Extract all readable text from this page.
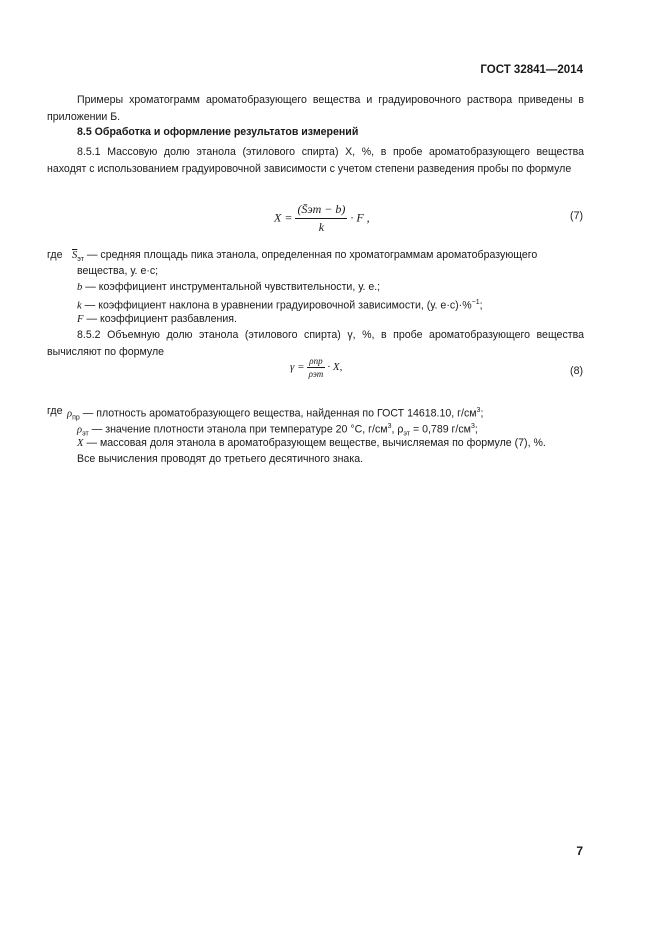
ГОСТ 32841—2014
Примеры хроматограмм ароматобразующего вещества и градуировочного раствора приведены в приложении Б.
8.5 Обработка и оформление результатов измерений
8.5.1 Массовую долю этанола (этилового спирта) X, %, в пробе ароматобразующего вещества находят с использованием градуировочной зависимости с учетом степени разведения пробы по формуле
$X = \frac{(S̄эт - b)}{k} \cdot F$ ,	(7)
где $\overline{S}_{эт}$ — средняя площадь пика этанола, определенная по хроматограммам ароматобразующего
вещества, у. е·с;
b — коэффициент инструментальной чувствительности, у. е.;
k — коэффициент наклона в уравнении градуировочной зависимости, (у. е·с)·%$^{-1}$;
F — коэффициент разбавления.
8.5.2 Объемную долю этанола (этилового спирта) γ, %, в пробе ароматобразующего вещества вычисляют по формуле
$\gamma = \frac{\text{ρпр}}{\text{ρэт}} \cdot X$,	(8)
где $\rho_{пр}$ — плотность ароматобразующего вещества, найденная по ГОСТ 14618.10, $г/см^3$;
$\rho_{эт}$ — значение плотности этанола при температуре 20 °С, $г/см^3$, $\rho_{эт} = 0,789$ $г/см^3$;
X — массовая доля этанола в ароматобразующем веществе, вычисляемая по формуле (7), %.
Все вычисления проводят до третьего десятичного знака.
7
